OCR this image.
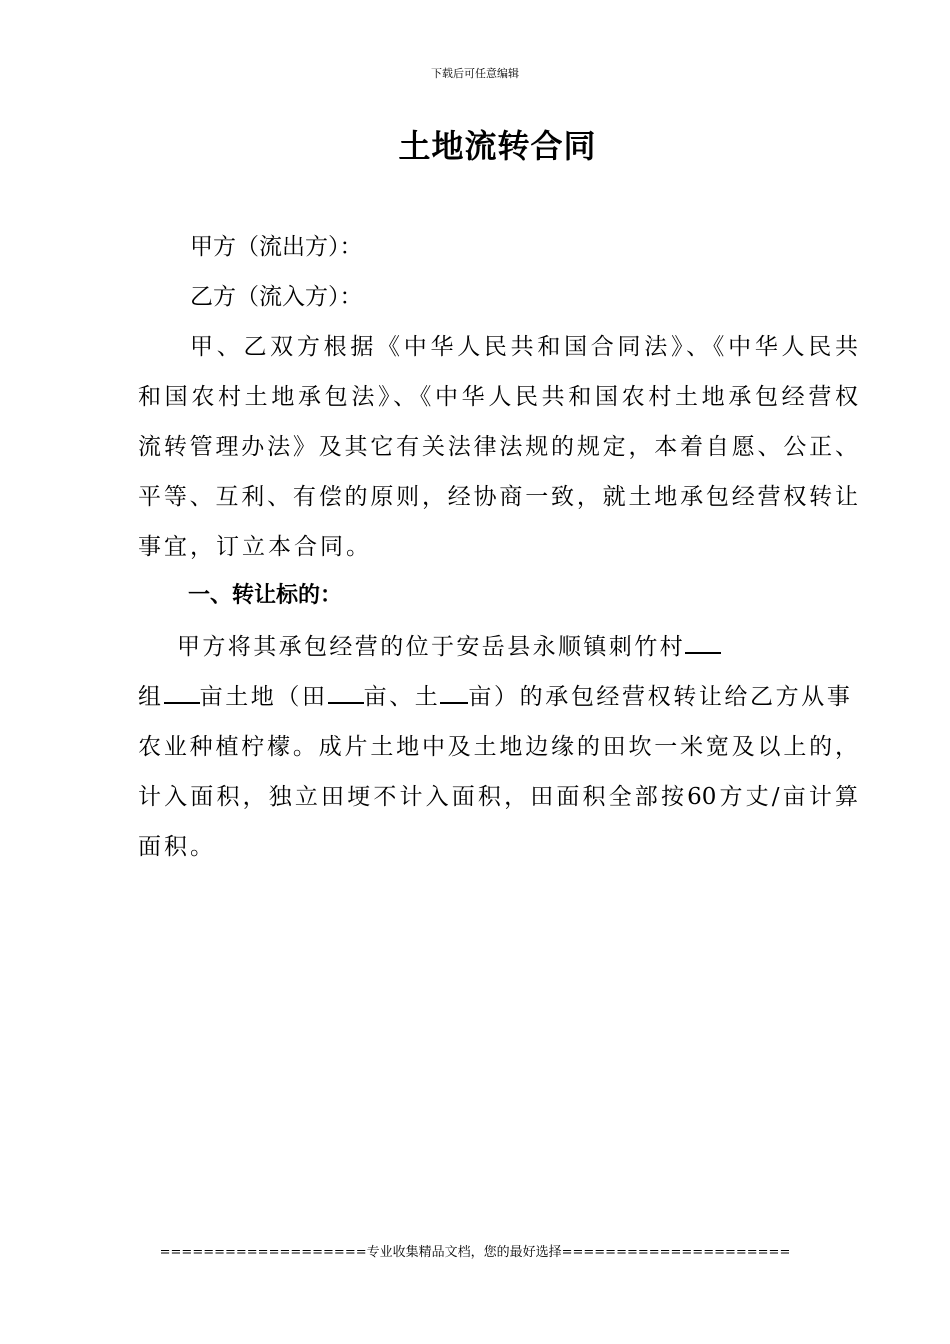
下载后可任意编辑
土地流转合同
甲方（流出方）：
乙方（流入方）：
甲、乙双方根据《中华人民共和国合同法》、《中华人民共
和国农村土地承包法》、《中华人民共和国农村土地承包经营权
流转管理办法》及其它有关法律法规的规定，本着自愿、公正、
平等、互利、有偿的原则，经协商一致，就土地承包经营权转让
事宜，订立本合同。
一、转让标的：
甲方将其承包经营的位于安岳县永顺镇刺竹村
组 亩土地（田 亩、土 亩）的承包经营权转让给乙方从事
农业种植柠檬。成片土地中及土地边缘的田坎一米宽及以上的，
计入面积，独立田埂不计入面积，田面积全部按60方丈/亩计算
面积。
===================专业收集精品文档，您的最好选择=====================
